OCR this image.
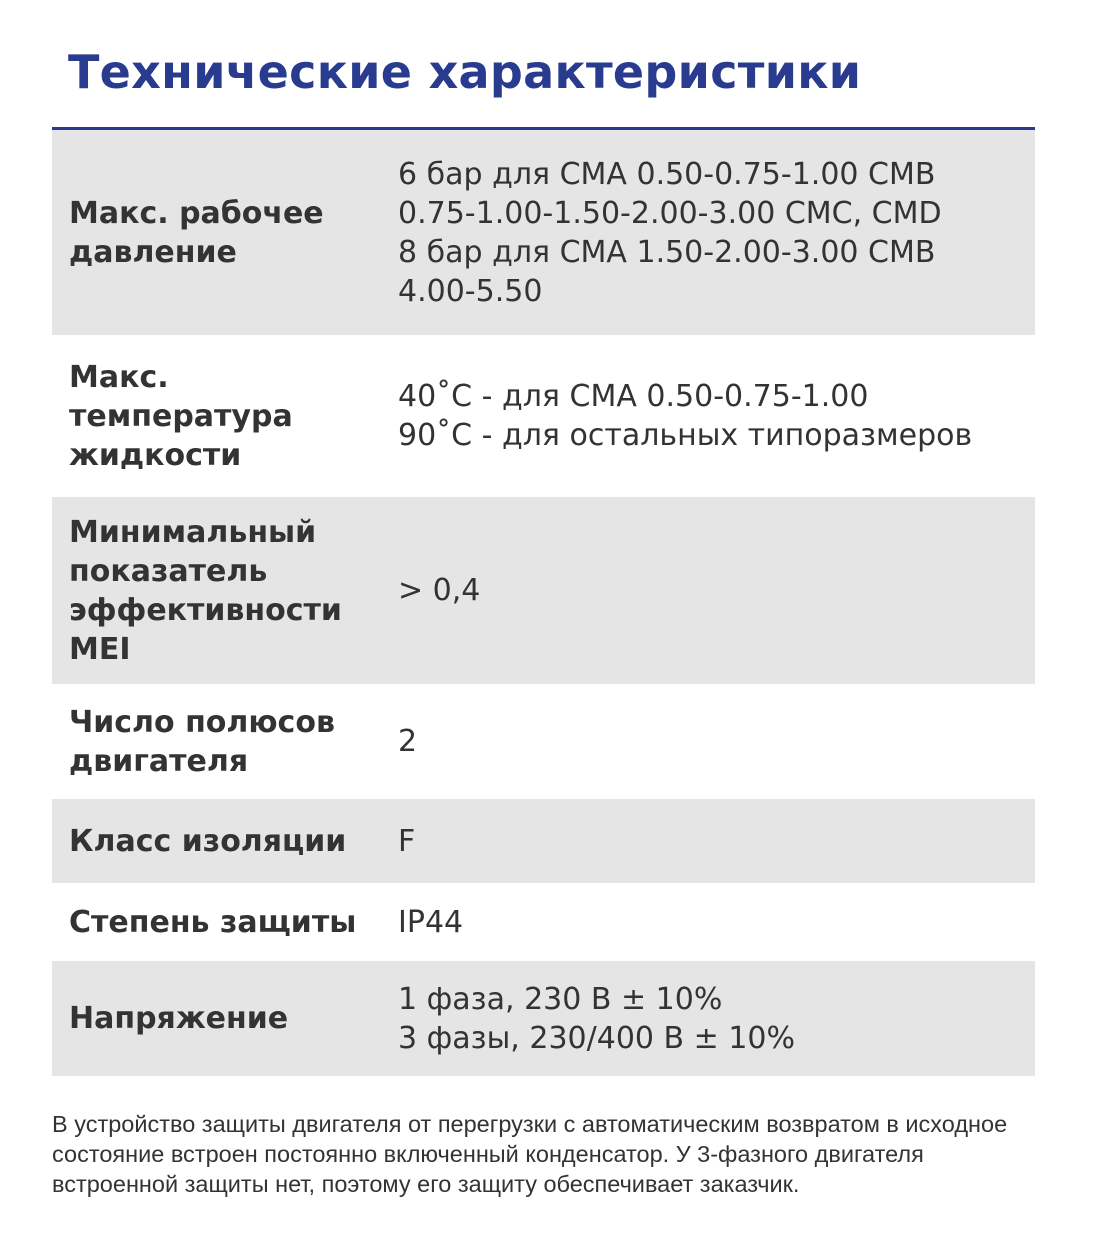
Технические характеристики
Макс. рабочее давление
6 бар для CMA 0.50-0.75-1.00 CMB
0.75-1.00-1.50-2.00-3.00 CMC, CMD
8 бар для CMA 1.50-2.00-3.00 CMB
4.00-5.50
Макс. температура жидкости
40˚C - для CMA 0.50-0.75-1.00
90˚C - для остальных типоразмеров
Минимальный показатель эффективности MEI
> 0,4
Число полюсов двигателя
2
Класс изоляции	F
Степень защиты	IP44
Напряжение
1 фаза, 230 В ± 10%
3 фазы, 230/400 В ± 10%

В устройство защиты двигателя от перегрузки с автоматическим возвратом в исходное состояние встроен постоянно включенный конденсатор. У 3-фазного двигателя встроенной защиты нет, поэтому его защиту обеспечивает заказчик.
